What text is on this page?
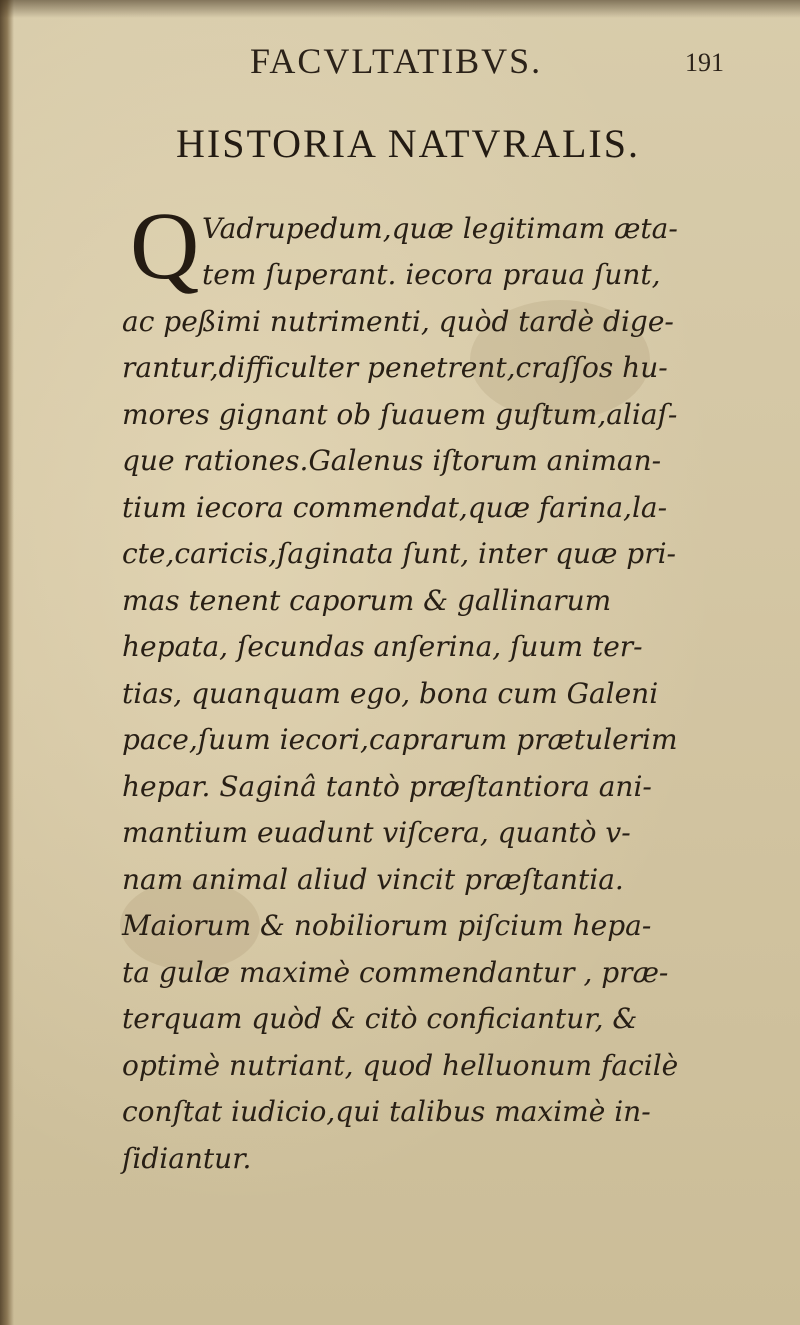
FACVLTATIBVS.	191
HISTORIA NATVRALIS.
Q Vadrupedum,quæ legitimam æta-
tem ſuperant. iecora praua ſunt,
ac peßimi nutrimenti, quòd tardè dige-
rantur,difficulter penetrent,craſſos hu-
mores gignant ob ſuauem guſtum,aliaſ-
que rationes.Galenus iſtorum animan-
tium iecora commendat,quæ farina,la-
cte,caricis,ſaginata ſunt, inter quæ pri-
mas tenent caporum & gallinarum
hepata, ſecundas anſerina, ſuum ter-
tias, quanquam ego, bona cum Galeni
pace,ſuum iecori,caprarum prætulerim
hepar. Saginâ tantò præſtantiora ani-
mantium euadunt viſcera, quantò v-
nam animal aliud vincit præſtantia.
Maiorum & nobiliorum piſcium hepa-
ta gulæ maximè commendantur , præ-
terquam quòd & citò conficiantur, &
optimè nutriant, quod helluonum facilè
conſtat iudicio,qui talibus maximè in-
ſidiantur.
